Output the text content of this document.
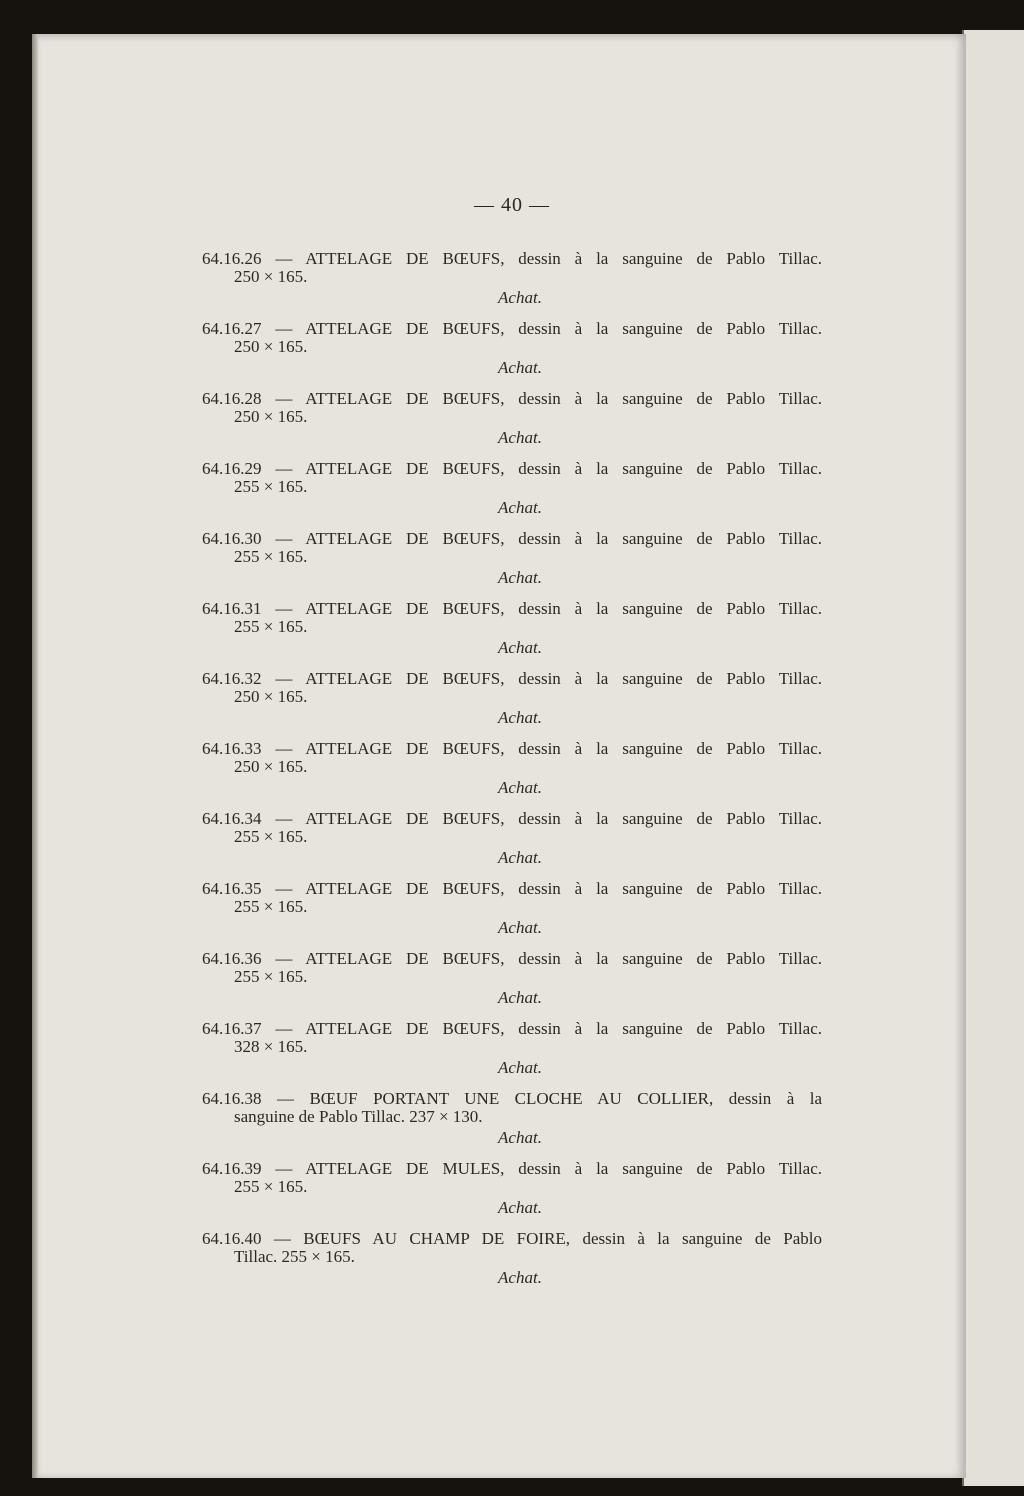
— 40 —
64.16.26 — ATTELAGE DE BŒUFS, dessin à la sanguine de Pablo Tillac.
250 × 165.
Achat.
64.16.27 — ATTELAGE DE BŒUFS, dessin à la sanguine de Pablo Tillac.
250 × 165.
Achat.
64.16.28 — ATTELAGE DE BŒUFS, dessin à la sanguine de Pablo Tillac.
250 × 165.
Achat.
64.16.29 — ATTELAGE DE BŒUFS, dessin à la sanguine de Pablo Tillac.
255 × 165.
Achat.
64.16.30 — ATTELAGE DE BŒUFS, dessin à la sanguine de Pablo Tillac.
255 × 165.
Achat.
64.16.31 — ATTELAGE DE BŒUFS, dessin à la sanguine de Pablo Tillac.
255 × 165.
Achat.
64.16.32 — ATTELAGE DE BŒUFS, dessin à la sanguine de Pablo Tillac.
250 × 165.
Achat.
64.16.33 — ATTELAGE DE BŒUFS, dessin à la sanguine de Pablo Tillac.
250 × 165.
Achat.
64.16.34 — ATTELAGE DE BŒUFS, dessin à la sanguine de Pablo Tillac.
255 × 165.
Achat.
64.16.35 — ATTELAGE DE BŒUFS, dessin à la sanguine de Pablo Tillac.
255 × 165.
Achat.
64.16.36 — ATTELAGE DE BŒUFS, dessin à la sanguine de Pablo Tillac.
255 × 165.
Achat.
64.16.37 — ATTELAGE DE BŒUFS, dessin à la sanguine de Pablo Tillac.
328 × 165.
Achat.
64.16.38 — BŒUF PORTANT UNE CLOCHE AU COLLIER, dessin à la
sanguine de Pablo Tillac. 237 × 130.
Achat.
64.16.39 — ATTELAGE DE MULES, dessin à la sanguine de Pablo Tillac.
255 × 165.
Achat.
64.16.40 — BŒUFS AU CHAMP DE FOIRE, dessin à la sanguine de Pablo
Tillac. 255 × 165.
Achat.
